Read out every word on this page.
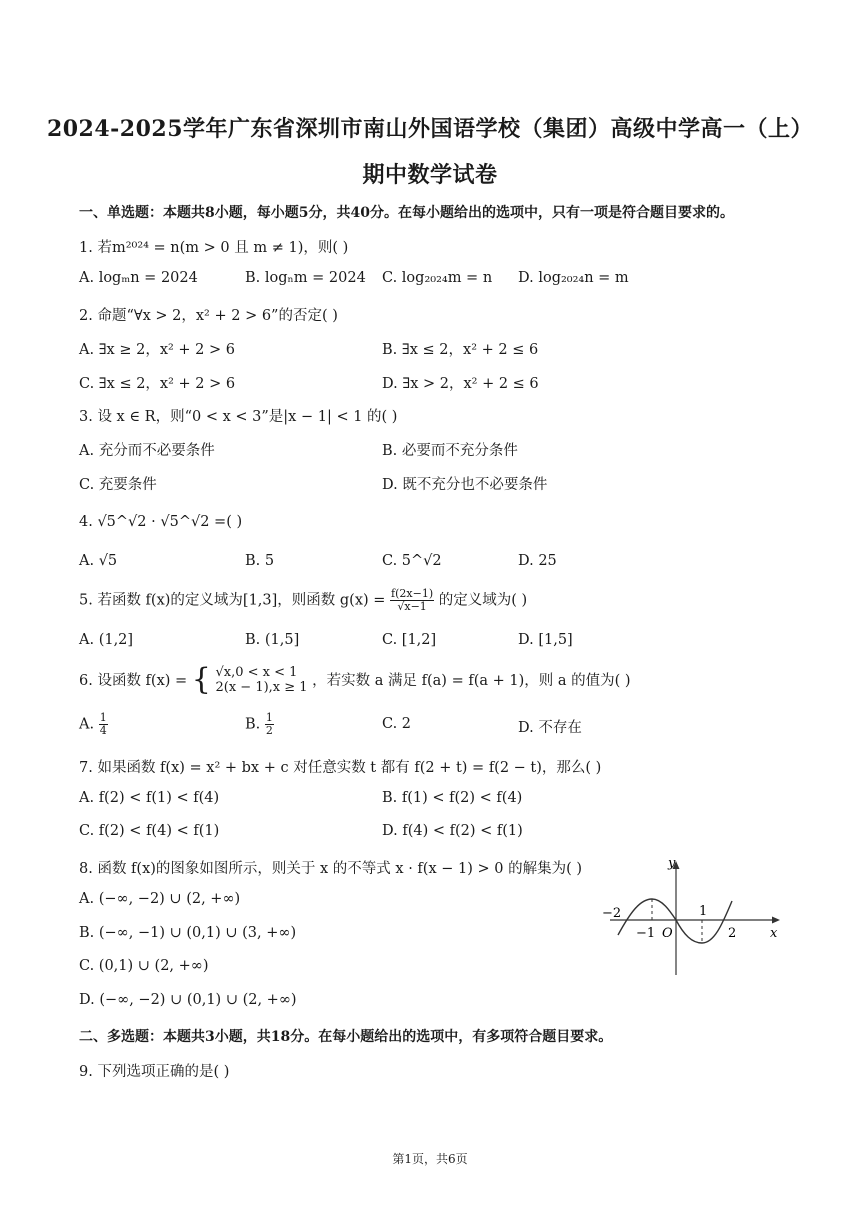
2024-2025学年广东省深圳市南山外国语学校（集团）高级中学高一（上）
期中数学试卷
一、单选题：本题共8小题，每小题5分，共40分。在每小题给出的选项中，只有一项是符合题目要求的。
1. 若m²⁰²⁴ = n(m > 0 且 m ≠ 1)，则( )
A. logₘn = 2024	B. logₙm = 2024 C. log₂₀₂₄m = n D. log₂₀₂₄n = m
2. 命题“∀x > 2，x² + 2 > 6”的否定( )
A. ∃x ≥ 2，x² + 2 > 6	B. ∃x ≤ 2，x² + 2 ≤ 6
C. ∃x ≤ 2，x² + 2 > 6	D. ∃x > 2，x² + 2 ≤ 6
3. 设 x ∈ R，则“0 < x < 3”是|x − 1| < 1 的( )
A. 充分而不必要条件	B. 必要而不充分条件
C. 充要条件	D. 既不充分也不必要条件
4. √5^√2 · √5^√2 =( )
A. √5	B. 5	C. 5^√2	D. 25
5. 若函数 f(x)的定义域为[1,3]，则函数 $g(x) = \frac{f(2x-1)}{√x-1}$ 的定义域为( )
A. (1,2]	B. (1,5]	C. [1,2]	D. [1,5]
6. 设函数 f(x) = { √x,0 < x < 1
2(x − 1),x ≥ 1 ，若实数 a 满足 f(a) = f(a + 1)，则 a 的值为( )
A. $\frac{1}{4}$	B. $\frac{1}{2}$	C. 2	D. 不存在
7. 如果函数 f(x) = x² + bx + c 对任意实数 t 都有 f(2 + t) = f(2 − t)，那么( )
A. f(2) < f(1) < f(4)	B. f(1) < f(2) < f(4)
C. f(2) < f(4) < f(1)	D. f(4) < f(2) < f(1)
8. 函数 f(x)的图象如图所示，则关于 x 的不等式 x · f(x − 1) > 0 的解集为( )
A. (−∞, −2) ∪ (2, +∞)
B. (−∞, −1) ∪ (0,1) ∪ (3, +∞)
C. (0,1) ∪ (2, +∞)
D. (−∞, −2) ∪ (0,1) ∪ (2, +∞)
y
x
O
−2
−1
1
2
二、多选题：本题共3小题，共18分。在每小题给出的选项中，有多项符合题目要求。
9. 下列选项正确的是( )
第1页，共6页
